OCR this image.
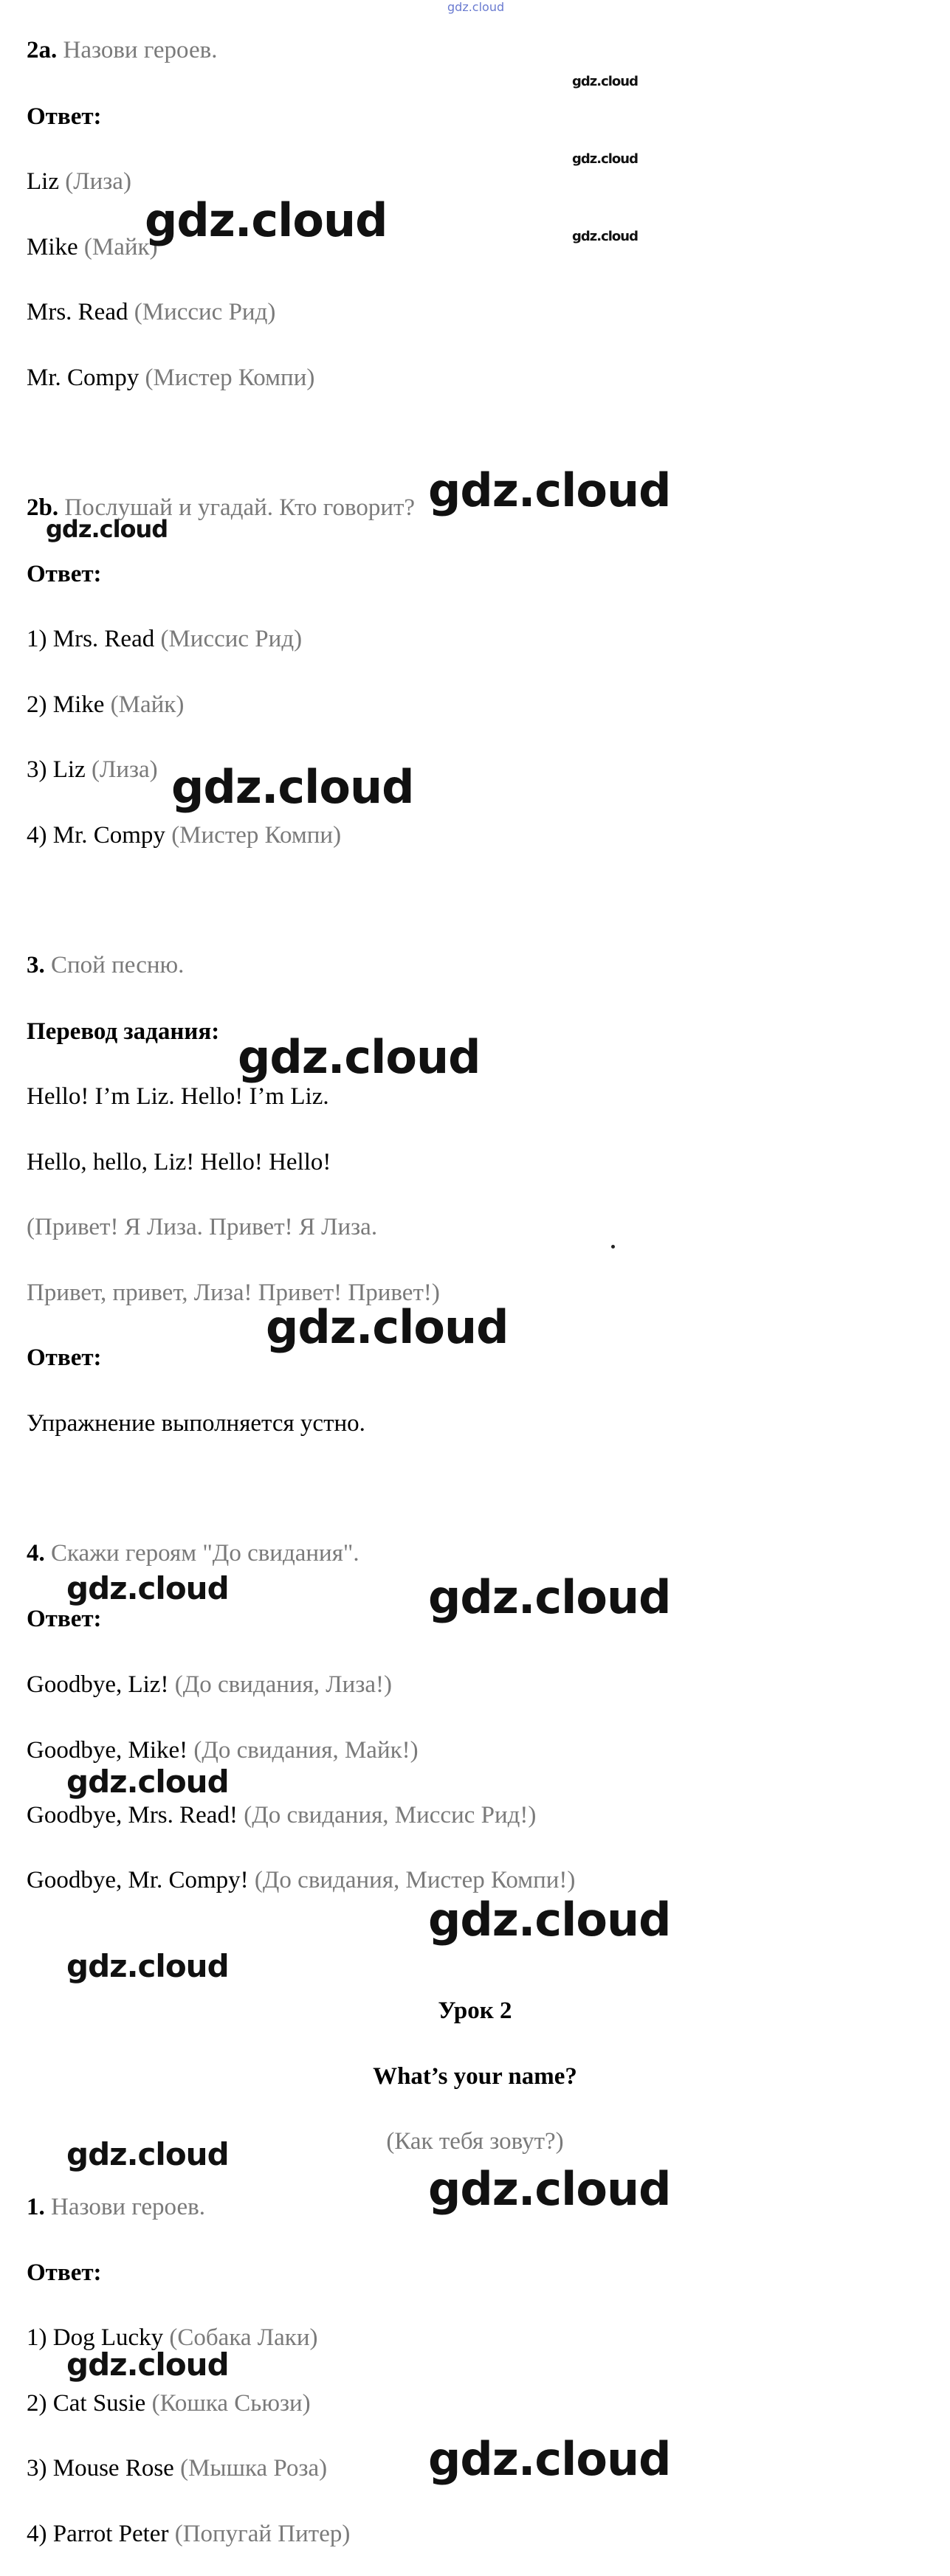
gdz.cloud
2a. Назови героев.
Ответ:
Liz (Лиза)
Mike (Майк)
Mrs. Read (Миссис Рид)
Mr. Compy (Мистер Компи)
2b. Послушай и угадай. Кто говорит?
Ответ:
1) Mrs. Read (Миссис Рид)
2) Mike (Майк)
3) Liz (Лиза)
4) Mr. Compy (Мистер Компи)
3. Спой песню.
Перевод задания:
Hello! I’m Liz. Hello! I’m Liz.
Hello, hello, Liz! Hello! Hello!
(Привет! Я Лиза. Привет! Я Лиза.
Привет, привет, Лиза! Привет! Привет!)
Ответ:
Упражнение выполняется устно.
4. Скажи героям "До свидания".
Ответ:
Goodbye, Liz! (До свидания, Лиза!)
Goodbye, Mike! (До свидания, Майк!)
Goodbye, Mrs. Read! (До свидания, Миссис Рид!)
Goodbye, Mr. Compy! (До свидания, Мистер Компи!)
Урок 2
What’s your name?
(Как тебя зовут?)
1. Назови героев.
Ответ:
1) Dog Lucky (Собака Лаки)
2) Cat Susie (Кошка Сьюзи)
3) Mouse Rose (Мышка Роза)
4) Parrot Peter (Попугай Питер)
gdz.cloud
gdz.cloud
gdz.cloud
gdz.cloud
gdz.cloud
gdz.cloud
gdz.cloud
gdz.cloud
gdz.cloud
gdz.cloud	gdz.cloud
gdz.cloud
gdz.cloud
gdz.cloud
gdz.cloud
gdz.cloud
gdz.cloud
gdz.cloud
